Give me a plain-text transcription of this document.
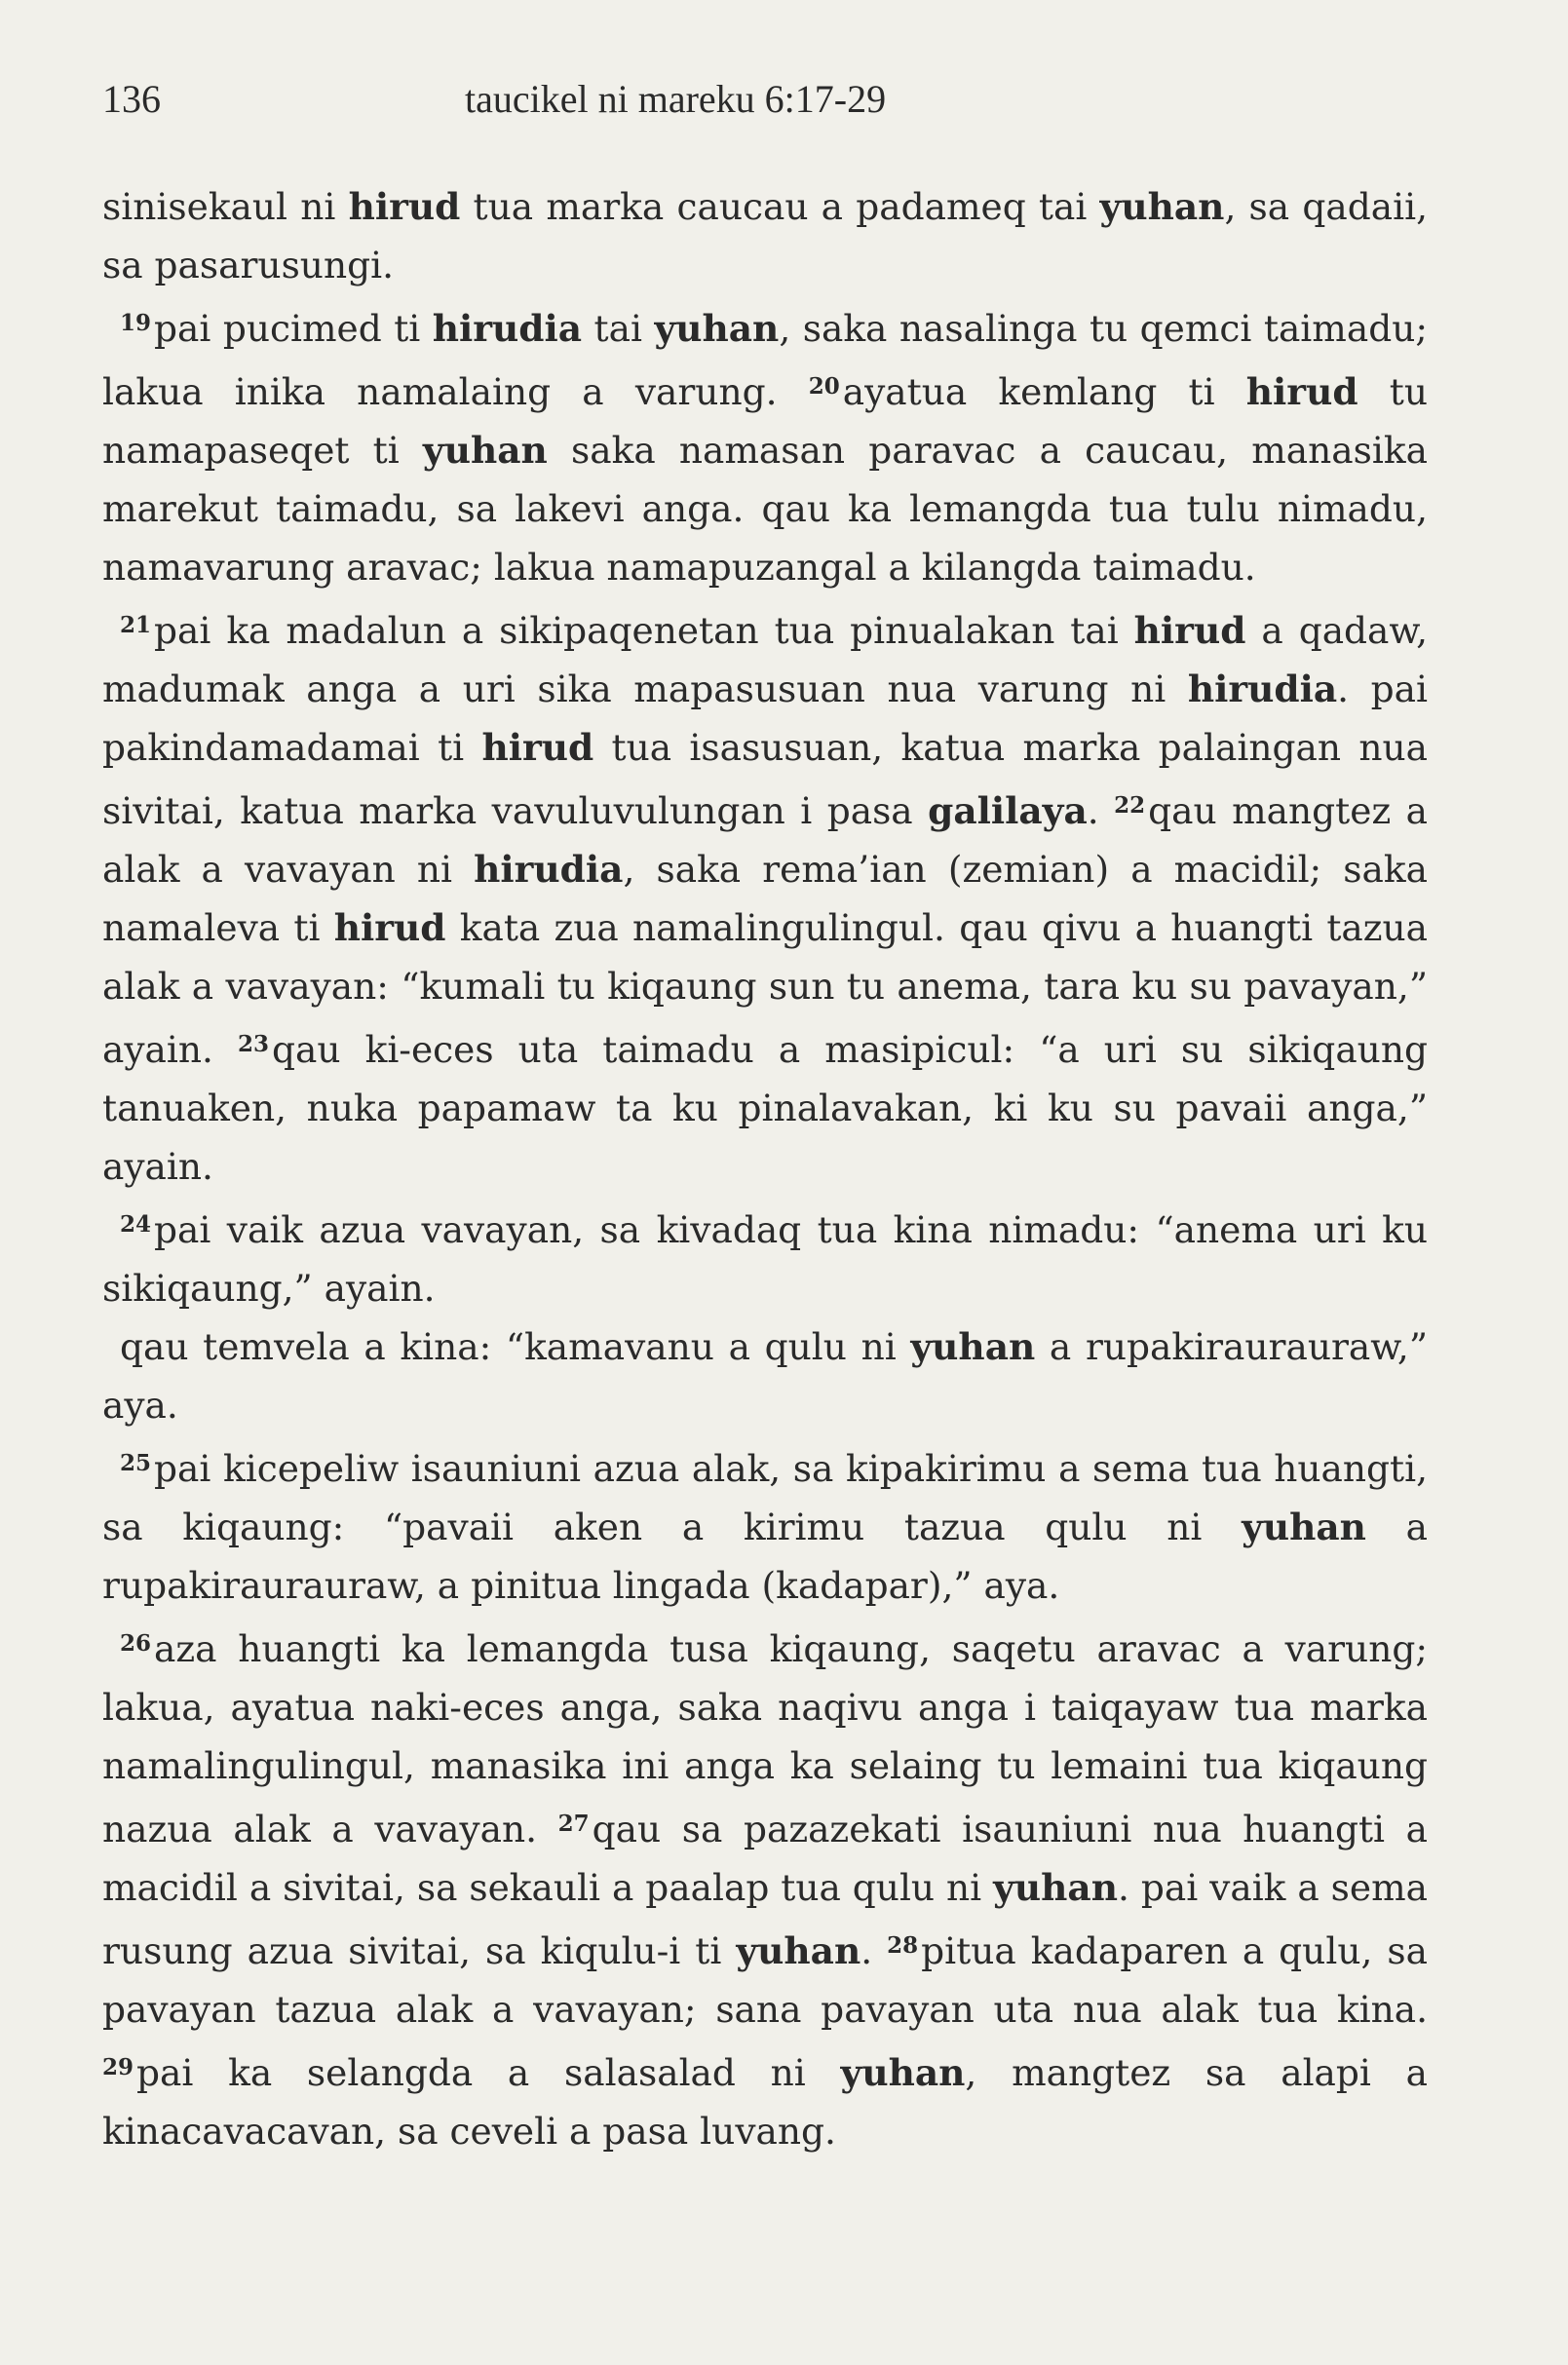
136	taucikel ni mareku 6:17-29

sinisekaul ni hirud tua marka caucau a padameq tai yuhan, sa qadaii, sa pasarusungi.

$^{19}$pai pucimed ti hirudia tai yuhan, saka nasalinga tu qemci taimadu; lakua inika namalaing a varung. $^{20}$ayatua kemlang ti hirud tu namapaseqet ti yuhan saka namasan paravac a caucau, manasika marekut taimadu, sa lakevi anga. qau ka lemangda tua tulu nimadu, namavarung aravac; lakua namapuzangal a kilangda taimadu.

$^{21}$pai ka madalun a sikipaqenetan tua pinualakan tai hirud a qadaw, madumak anga a uri sika mapasusuan nua varung ni hirudia. pai pakindamadamai ti hirud tua isasusuan, katua marka palaingan nua sivitai, katua marka vavuluvulungan i pasa galilaya. $^{22}$qau mangtez a alak a vavayan ni hirudia, saka rema’ian (zemian) a macidil; saka namaleva ti hirud kata zua namalingulingul. qau qivu a huangti tazua alak a vavayan: “kumali tu kiqaung sun tu anema, tara ku su pavayan,” ayain. $^{23}$qau ki-eces uta taimadu a masipicul: “a uri su sikiqaung tanuaken, nuka papamaw ta ku pinalavakan, ki ku su pavaii anga,” ayain.

$^{24}$pai vaik azua vavayan, sa kivadaq tua kina nimadu: “anema uri ku sikiqaung,” ayain.

qau temvela a kina: “kamavanu a qulu ni yuhan a rupakiraurauraw,” aya.

$^{25}$pai kicepeliw isauniuni azua alak, sa kipakirimu a sema tua huangti, sa kiqaung: “pavaii aken a kirimu tazua qulu ni yuhan a rupakiraurauraw, a pinitua lingada (kadapar),” aya.

$^{26}$aza huangti ka lemangda tusa kiqaung, saqetu aravac a varung; lakua, ayatua naki-eces anga, saka naqivu anga i taiqayaw tua marka namalingulingul, manasika ini anga ka selaing tu lemaini tua kiqaung nazua alak a vavayan. $^{27}$qau sa pazazekati isauniuni nua huangti a macidil a sivitai, sa sekauli a paalap tua qulu ni yuhan. pai vaik a sema rusung azua sivitai, sa kiqulu-i ti yuhan. $^{28}$pitua kadaparen a qulu, sa pavayan tazua alak a vavayan; sana pavayan uta nua alak tua kina. $^{29}$pai ka selangda a salasalad ni yuhan, mangtez sa alapi a kinacavacavan, sa ceveli a pasa luvang.
